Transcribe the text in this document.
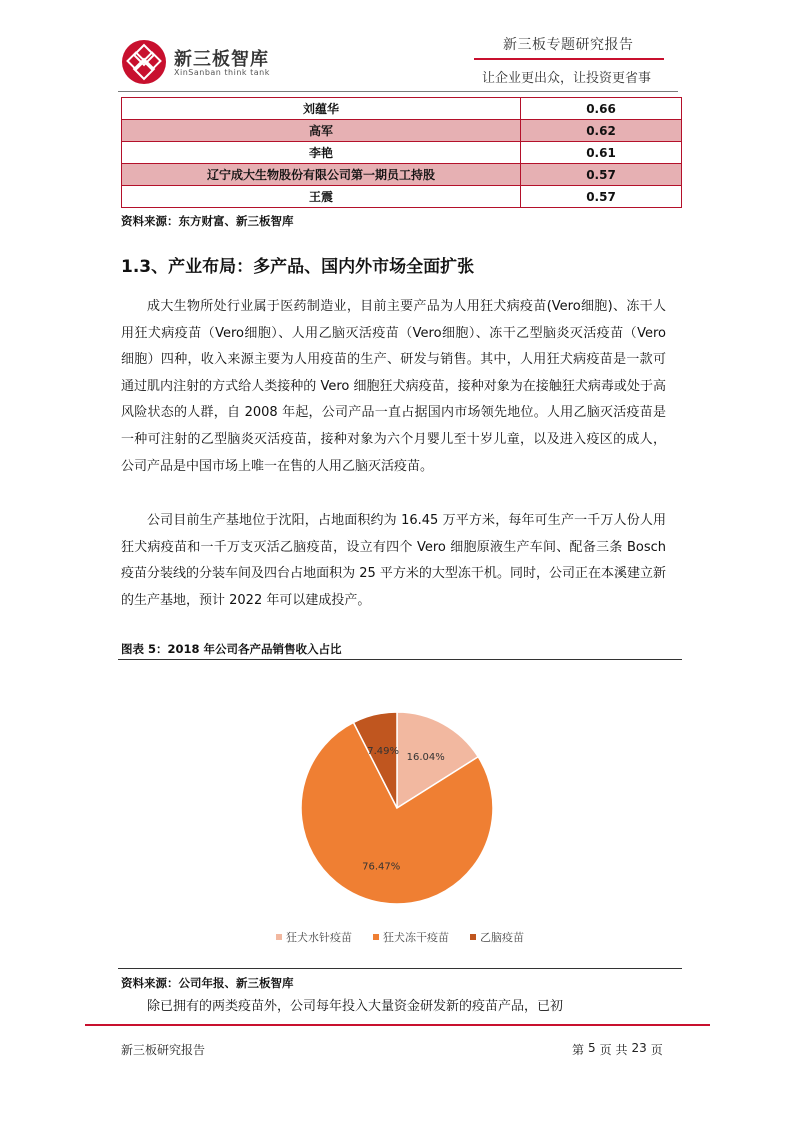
新三板智库
XinSanban think tank
新三板专题研究报告
让企业更出众，让投资更省事
刘蕴华	0.66
高军	0.62
李艳	0.61
辽宁成大生物股份有限公司第一期员工持股	0.57
王震	0.57
资料来源：东方财富、新三板智库
1.3、产业布局：多产品、国内外市场全面扩张
成大生物所处行业属于医药制造业，目前主要产品为人用狂犬病疫苗(Vero细胞)、冻干人用狂犬病疫苗（Vero细胞）、人用乙脑灭活疫苗（Vero细胞）、冻干乙型脑炎灭活疫苗（Vero 细胞）四种，收入来源主要为人用疫苗的生产、研发与销售。其中，人用狂犬病疫苗是一款可通过肌内注射的方式给人类接种的 Vero 细胞狂犬病疫苗，接种对象为在接触狂犬病毒或处于高风险状态的人群，自 2008 年起，公司产品一直占据国内市场领先地位。人用乙脑灭活疫苗是一种可注射的乙型脑炎灭活疫苗，接种对象为六个月婴儿至十岁儿童，以及进入疫区的成人，公司产品是中国市场上唯一在售的人用乙脑灭活疫苗。
公司目前生产基地位于沈阳，占地面积约为 16.45 万平方米，每年可生产一千万人份人用狂犬病疫苗和一千万支灭活乙脑疫苗，设立有四个 Vero 细胞原液生产车间、配备三条 Bosch 疫苗分装线的分装车间及四台占地面积为 25 平方米的大型冻干机。同时，公司正在本溪建立新的生产基地，预计 2022 年可以建成投产。
图表 5：2018 年公司各产品销售收入占比
16.04%
76.47%
7.49%
狂犬水针疫苗	狂犬冻干疫苗	乙脑疫苗
资料来源：公司年报、新三板智库
除已拥有的两类疫苗外，公司每年投入大量资金研发新的疫苗产品，已初
新三板研究报告	第 5 页 共 23 页
